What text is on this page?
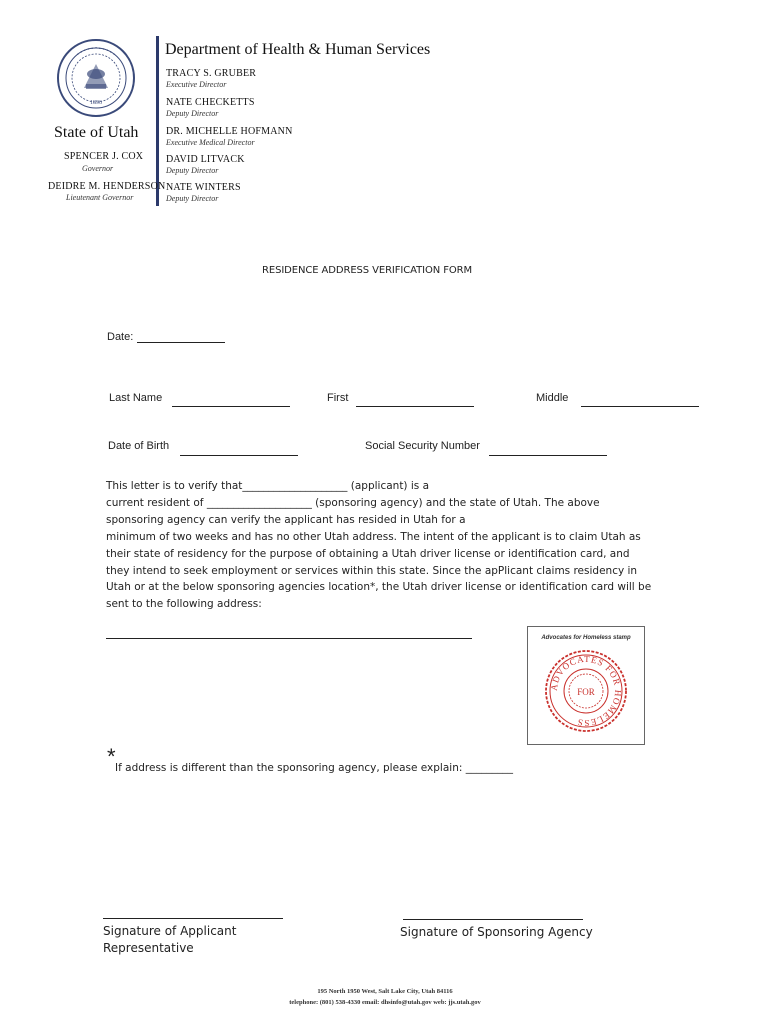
1896
• • • • • • • • • • •	Department of Health & Human Services
State of Utah
SPENCER J. COX
Governor
DEIDRE M. HENDERSON
Lieutenant Governor
TRACY S. GRUBER
Executive Director
NATE CHECKETTS
Deputy Director
DR. MICHELLE HOFMANN
Executive Medical Director
DAVID LITVACK
Deputy Director
NATE WINTERS
Deputy Director
RESIDENCE ADDRESS VERIFICATION FORM
Date:
Last Name	First	Middle
Date of Birth	Social Security Number
This letter is to verify that____________________ (applicant) is a
current resident of ____________________ (sponsoring agency) and the state of Utah. The above
sponsoring agency can verify the applicant has resided in Utah for a
minimum of two weeks and has no other Utah address. The intent of the applicant is to claim Utah as
their state of residency for the purpose of obtaining a Utah driver license or identification card, and
they intend to seek employment or services within this state. Since the apPlicant claims residency in
Utah or at the below sponsoring agencies location*, the Utah driver license or identification card will be
sent to the following address:
Advocates for Homeless stamp
ADVOCATES FOR HOMELESS
FOR
* If address is different than the sponsoring agency, please explain: _________
Signature of Applicant
Representative
Signature of Sponsoring Agency
195 North 1950 West, Salt Lake City, Utah 84116
telephone: (801) 538-4330 email: dhsinfo@utah.gov web: jjs.utah.gov
